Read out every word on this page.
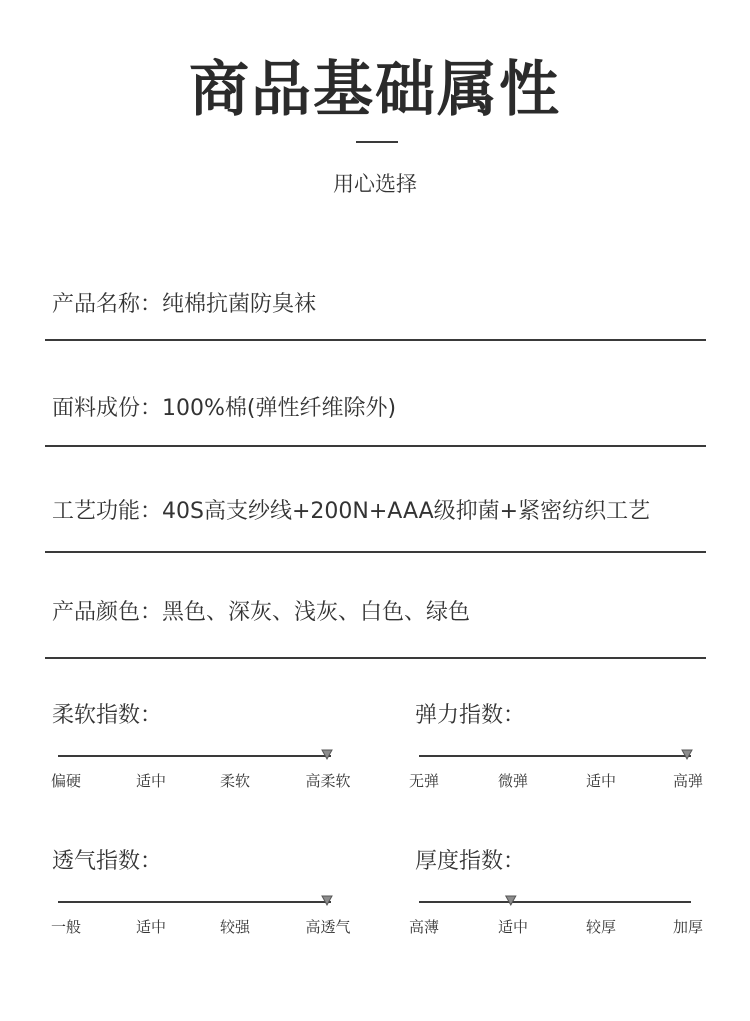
商品基础属性
用心选择
产品名称：纯棉抗菌防臭袜
面料成份：100%棉(弹性纤维除外)
工艺功能：40S高支纱线+200N+AAA级抑菌+紧密纺织工艺
产品颜色：黑色、深灰、浅灰、白色、绿色
柔软指数：
偏硬	适中	柔软	高柔软
弹力指数：
无弹	微弹	适中	高弹
透气指数：
一般	适中	较强	高透气
厚度指数：
高薄	适中	较厚	加厚
